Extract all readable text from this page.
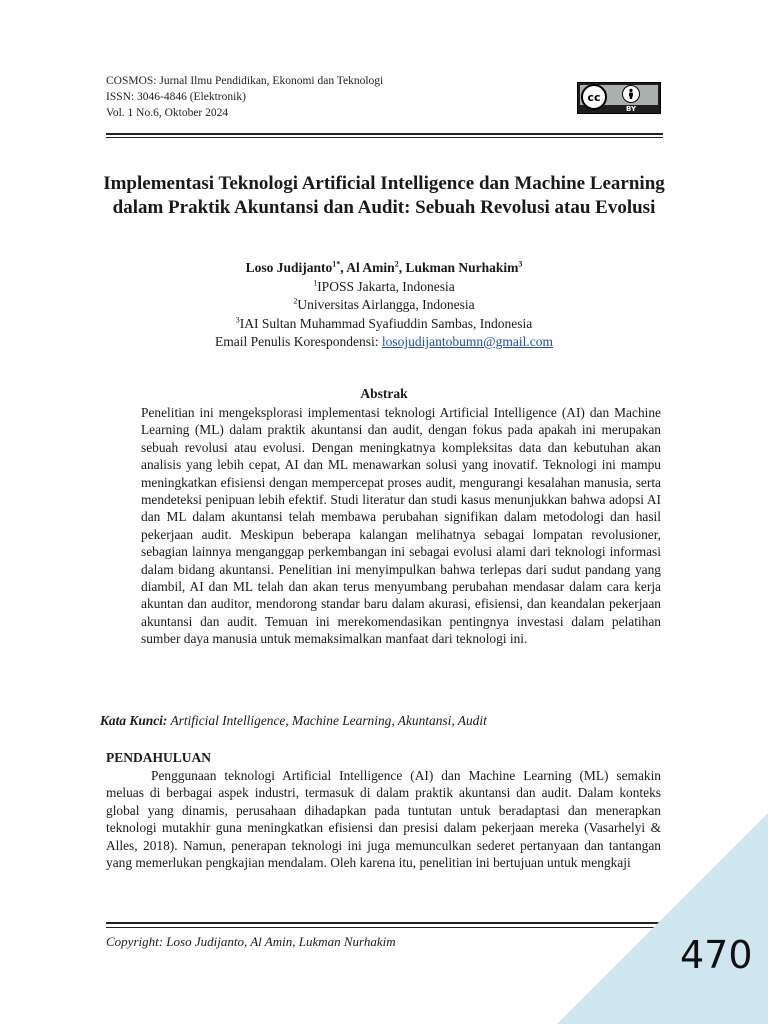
COSMOS: Jurnal Ilmu Pendidikan, Ekonomi dan Teknologi
ISSN: 3046-4846 (Elektronik)
Vol. 1 No.6, Oktober 2024
cc
BY
Implementasi Teknologi Artificial Intelligence dan Machine Learning dalam Praktik Akuntansi dan Audit: Sebuah Revolusi atau Evolusi
Loso Judijanto$^{1*}$, Al Amin$^2$, Lukman Nurhakim$^3$
$^1$IPOSS Jakarta, Indonesia
$^2$Universitas Airlangga, Indonesia
$^3$IAI Sultan Muhammad Syafiuddin Sambas, Indonesia
Email Penulis Korespondensi: losojudijantobumn@gmail.com
Abstrak

Penelitian ini mengeksplorasi implementasi teknologi Artificial Intelligence (AI) dan Machine Learning (ML) dalam praktik akuntansi dan audit, dengan fokus pada apakah ini merupakan sebuah revolusi atau evolusi. Dengan meningkatnya kompleksitas data dan kebutuhan akan analisis yang lebih cepat, AI dan ML menawarkan solusi yang inovatif. Teknologi ini mampu meningkatkan efisiensi dengan mempercepat proses audit, mengurangi kesalahan manusia, serta mendeteksi penipuan lebih efektif. Studi literatur dan studi kasus menunjukkan bahwa adopsi AI dan ML dalam akuntansi telah membawa perubahan signifikan dalam metodologi dan hasil pekerjaan audit. Meskipun beberapa kalangan melihatnya sebagai lompatan revolusioner, sebagian lainnya menganggap perkembangan ini sebagai evolusi alami dari teknologi informasi dalam bidang akuntansi. Penelitian ini menyimpulkan bahwa terlepas dari sudut pandang yang diambil, AI dan ML telah dan akan terus menyumbang perubahan mendasar dalam cara kerja akuntan dan auditor, mendorong standar baru dalam akurasi, efisiensi, dan keandalan pekerjaan akuntansi dan audit. Temuan ini merekomendasikan pentingnya investasi dalam pelatihan sumber daya manusia untuk memaksimalkan manfaat dari teknologi ini.

Kata Kunci: Artificial Intelligence, Machine Learning, Akuntansi, Audit
PENDAHULUAN

Penggunaan teknologi Artificial Intelligence (AI) dan Machine Learning (ML) semakin meluas di berbagai aspek industri, termasuk di dalam praktik akuntansi dan audit. Dalam konteks global yang dinamis, perusahaan dihadapkan pada tuntutan untuk beradaptasi dan menerapkan teknologi mutakhir guna meningkatkan efisiensi dan presisi dalam pekerjaan mereka (Vasarhelyi & Alles, 2018). Namun, penerapan teknologi ini juga memunculkan sederet pertanyaan dan tantangan yang memerlukan pengkajian mendalam. Oleh karena itu, penelitian ini bertujuan untuk mengkaji

Copyright: Loso Judijanto, Al Amin, Lukman Nurhakim	470
